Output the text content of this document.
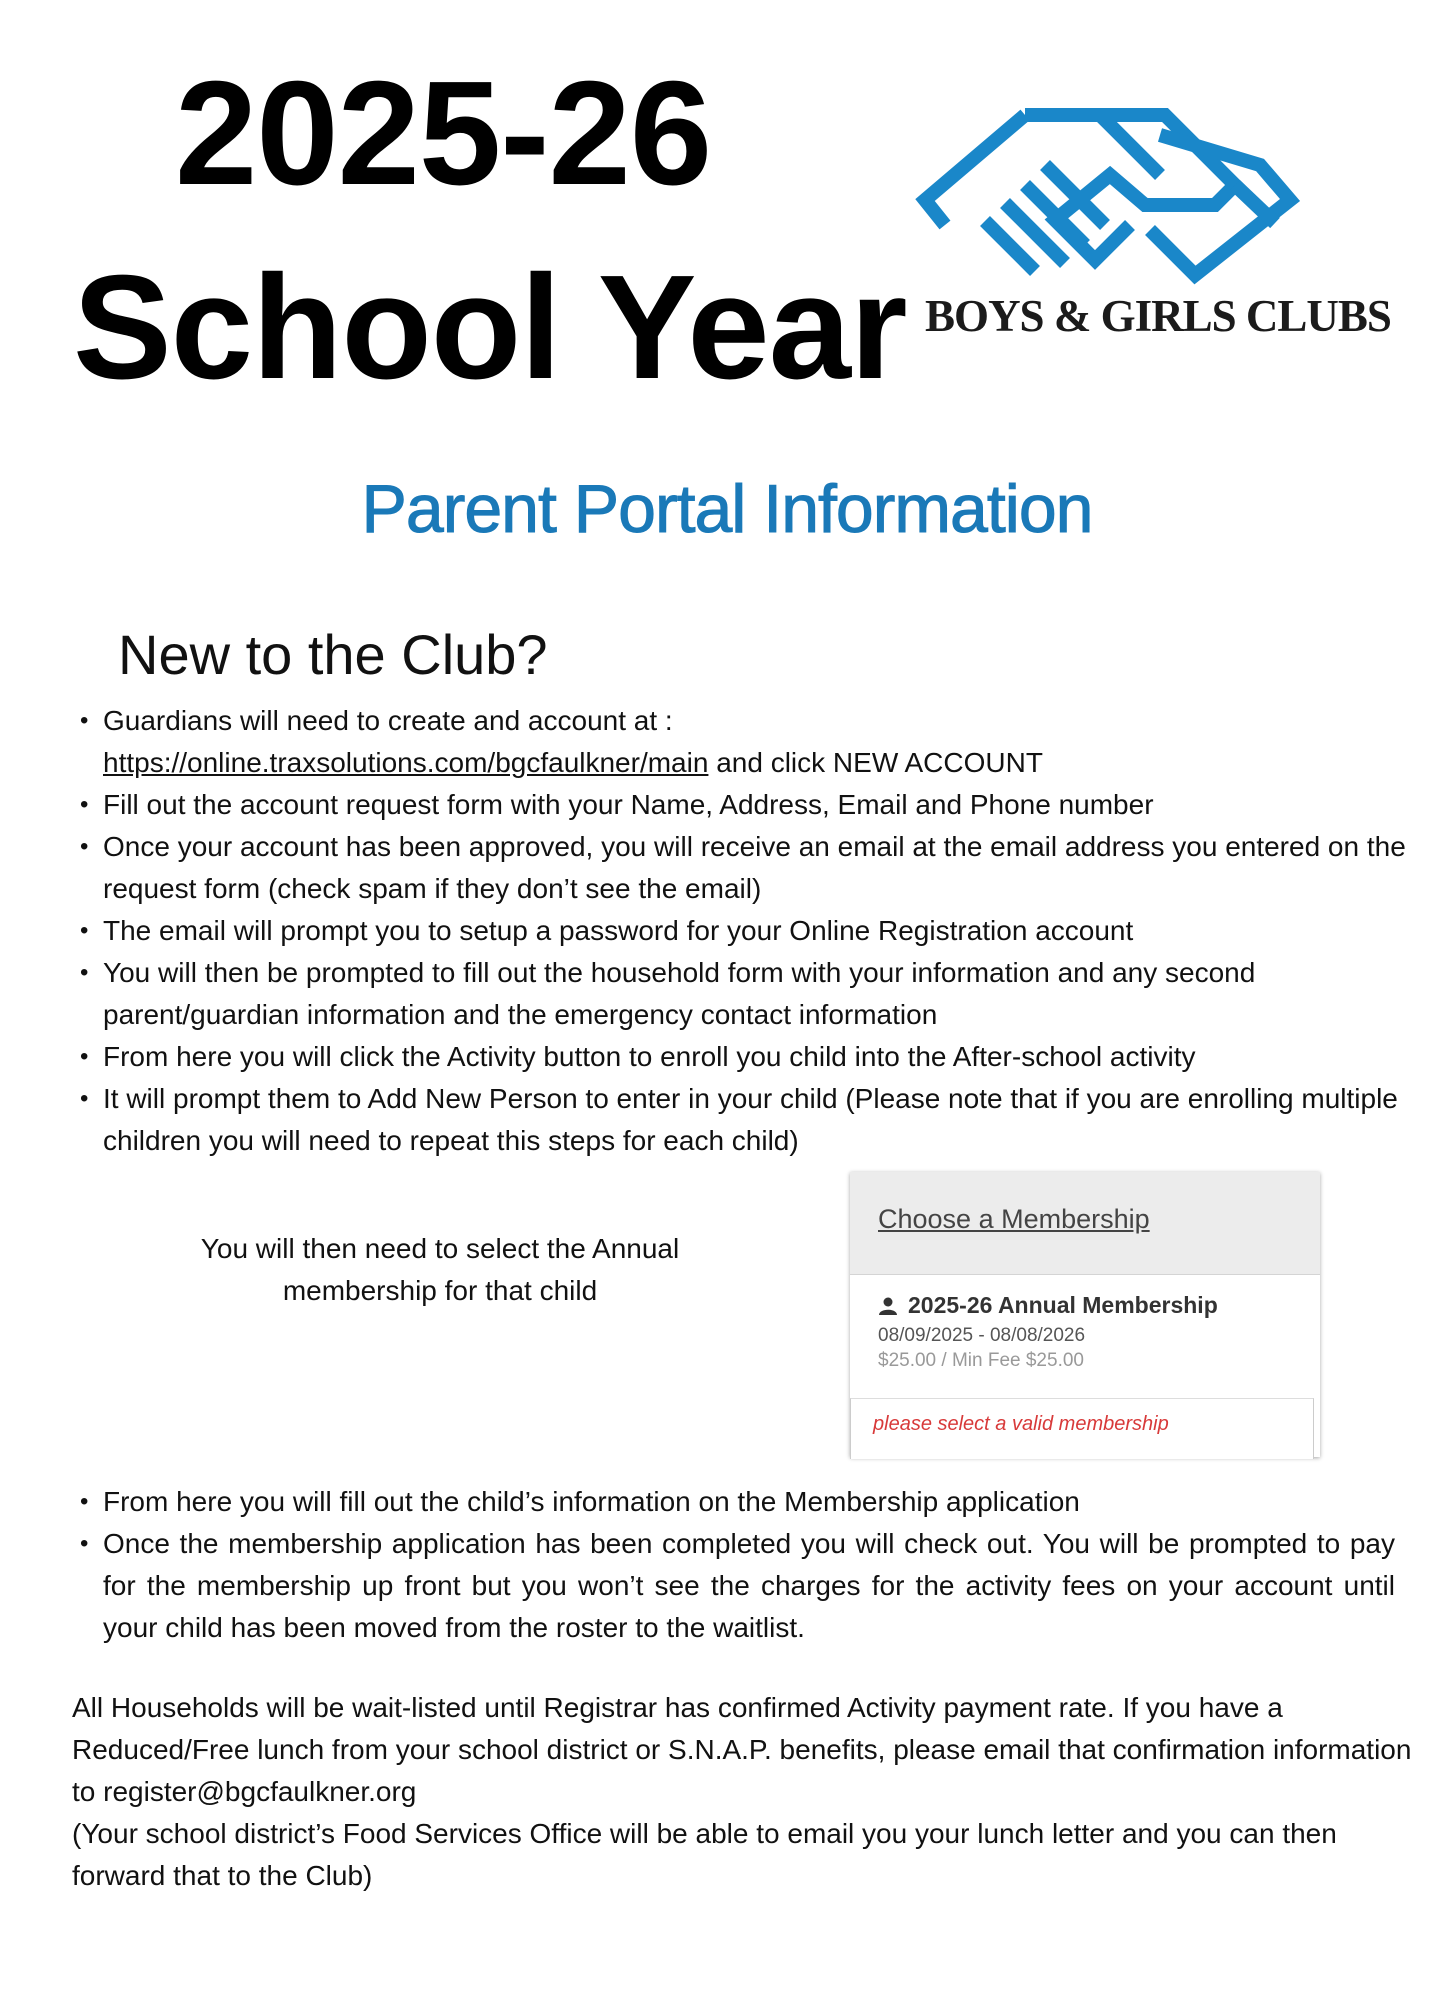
2025-26
School Year BOYS & GIRLS CLUBS
Parent Portal Information
New to the Club?
• Guardians will need to create and account at :
https://online.traxsolutions.com/bgcfaulkner/main and click NEW ACCOUNT
• Fill out the account request form with your Name, Address, Email and Phone number
• Once your account has been approved, you will receive an email at the email address you entered on the request form (check spam if they don’t see the email)
• The email will prompt you to setup a password for your Online Registration account
• You will then be prompted to fill out the household form with your information and any second parent/guardian information and the emergency contact information
• From here you will click the Activity button to enroll you child into the After-school activity
• It will prompt them to Add New Person to enter in your child (Please note that if you are enrolling multiple children you will need to repeat this steps for each child)

You will then need to select the Annual membership for that child

Choose a Membership
2025-26 Annual Membership
08/09/2025 - 08/08/2026
$25.00 / Min Fee $25.00
please select a valid membership
• From here you will fill out the child’s information on the Membership application
• Once the membership application has been completed you will check out. You will be prompted to pay for the membership up front but you won’t see the charges for the activity fees on your account until your child has been moved from the roster to the waitlist.
All Households will be wait-listed until Registrar has confirmed Activity payment rate. If you have a Reduced/Free lunch from your school district or S.N.A.P. benefits, please email that confirmation information to register@bgcfaulkner.org
(Your school district’s Food Services Office will be able to email you your lunch letter and you can then forward that to the Club)
